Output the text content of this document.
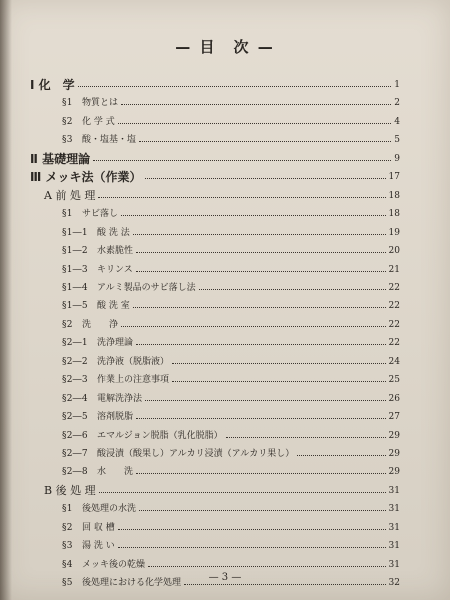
— 目　次 —
Ⅰ 化　学	1
§1 物質とは	2
§2 化 学 式	4
§3 酸・塩基・塩	5
Ⅱ 基礎理論	9
Ⅲ メッキ法（作業）	17
A 前 処 理	18
§1 サビ落し	18
§1―1 酸 洗 法	19
§1―2 水素脆性	20
§1―3 キリンス	21
§1―4 アルミ製品のサビ落し法	22
§1―5 酸 洗 室	22
§2 洗　　浄	22
§2―1 洗浄理論	22
§2―2 洗浄液（脱脂液）	24
§2―3 作業上の注意事項	25
§2―4 電解洗浄法	26
§2―5 溶剤脱脂	27
§2―6 エマルジョン脱脂（乳化脱脂）	29
§2―7 酸浸漬（酸果し）アルカリ浸漬（アルカリ果し）	29
§2―8 水　　洗	29
B 後 処 理	31
§1 後処理の水洗	31
§2 回 収 槽	31
§3 湯 洗 い	31
§4 メッキ後の乾燥	31
§5 後処理における化学処理	32
— 3 —
